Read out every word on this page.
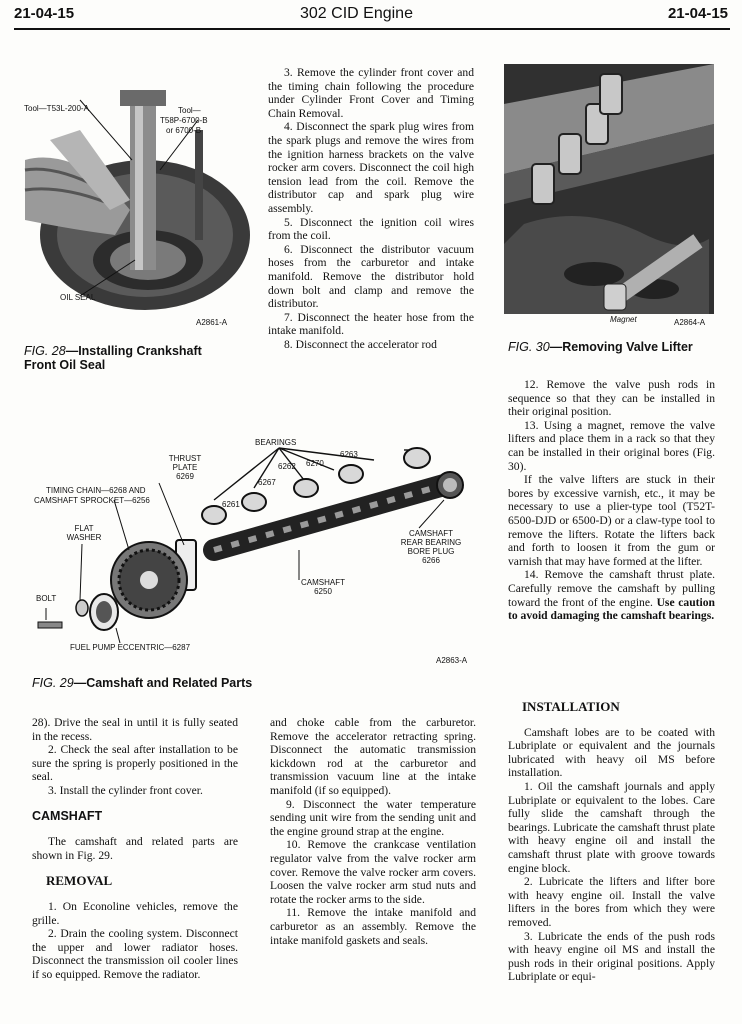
21-04-15	302 CID Engine	21-04-15
Tool—T53L-200-A	Tool—
T58P-6700-B
or 6700-B
OIL SEAL
A2861-A
FIG. 28—Installing Crankshaft
Front Oil Seal

3. Remove the cylinder front cover and the timing chain following the procedure under Cylinder Front Cover and Timing Chain Removal.

4. Disconnect the spark plug wires from the spark plugs and remove the wires from the ignition harness brackets on the valve rocker arm covers. Disconnect the coil high tension lead from the coil. Remove the distributor cap and spark plug wire assembly.

5. Disconnect the ignition coil wires from the coil.

6. Disconnect the distributor vacuum hoses from the carburetor and intake manifold. Remove the distributor hold down bolt and clamp and remove the distributor.

7. Disconnect the heater hose from the intake manifold.

8. Disconnect the accelerator rod

Magnet	A2864-A
FIG. 30—Removing Valve Lifter

12. Remove the valve push rods in sequence so that they can be installed in their original position.

13. Using a magnet, remove the valve lifters and place them in a rack so that they can be installed in their original bores (Fig. 30).

If the valve lifters are stuck in their bores by excessive varnish, etc., it may be necessary to use a plier-type tool (T52T-6500-DJD or 6500-D) or a claw-type tool to remove the lifters. Rotate the lifters back and forth to loosen it from the gum or varnish that may have formed at the lifter.

14. Remove the camshaft thrust plate. Carefully remove the camshaft by pulling toward the front of the engine. Use caution to avoid damaging the camshaft bearings.

BEARINGS
6263
6270
6262
6267
6261
THRUST
PLATE
6269
TIMING CHAIN—6268 AND
CAMSHAFT SPROCKET—6256
FLAT
WASHER	CAMSHAFT
REAR BEARING
BORE PLUG
6266
CAMSHAFT
6250
BOLT
FUEL PUMP ECCENTRIC—6287
A2863-A
FIG. 29—Camshaft and Related Parts

28). Drive the seal in until it is fully seated in the recess.

2. Check the seal after installation to be sure the spring is properly positioned in the seal.

3. Install the cylinder front cover.

CAMSHAFT

The camshaft and related parts are shown in Fig. 29.

REMOVAL

1. On Econoline vehicles, remove the grille.

2. Drain the cooling system. Disconnect the upper and lower radiator hoses. Disconnect the transmission oil cooler lines if so equipped. Remove the radiator.

and choke cable from the carburetor. Remove the accelerator retracting spring. Disconnect the automatic transmission kickdown rod at the carburetor and transmission vacuum line at the intake manifold (if so equipped).

9. Disconnect the water temperature sending unit wire from the sending unit and the engine ground strap at the engine.

10. Remove the crankcase ventilation regulator valve from the valve rocker arm cover. Remove the valve rocker arm covers. Loosen the valve rocker arm stud nuts and rotate the rocker arms to the side.

11. Remove the intake manifold and carburetor as an assembly. Remove the intake manifold gaskets and seals.

INSTALLATION

Camshaft lobes are to be coated with Lubriplate or equivalent and the journals lubricated with heavy oil MS before installation.

1. Oil the camshaft journals and apply Lubriplate or equivalent to the lobes. Care fully slide the camshaft through the bearings. Lubricate the camshaft thrust plate with heavy engine oil and install the camshaft thrust plate with groove towards engine block.

2. Lubricate the lifters and lifter bore with heavy engine oil. Install the valve lifters in the bores from which they were removed.

3. Lubricate the ends of the push rods with heavy engine oil MS and install the push rods in their original positions. Apply Lubriplate or equi-
